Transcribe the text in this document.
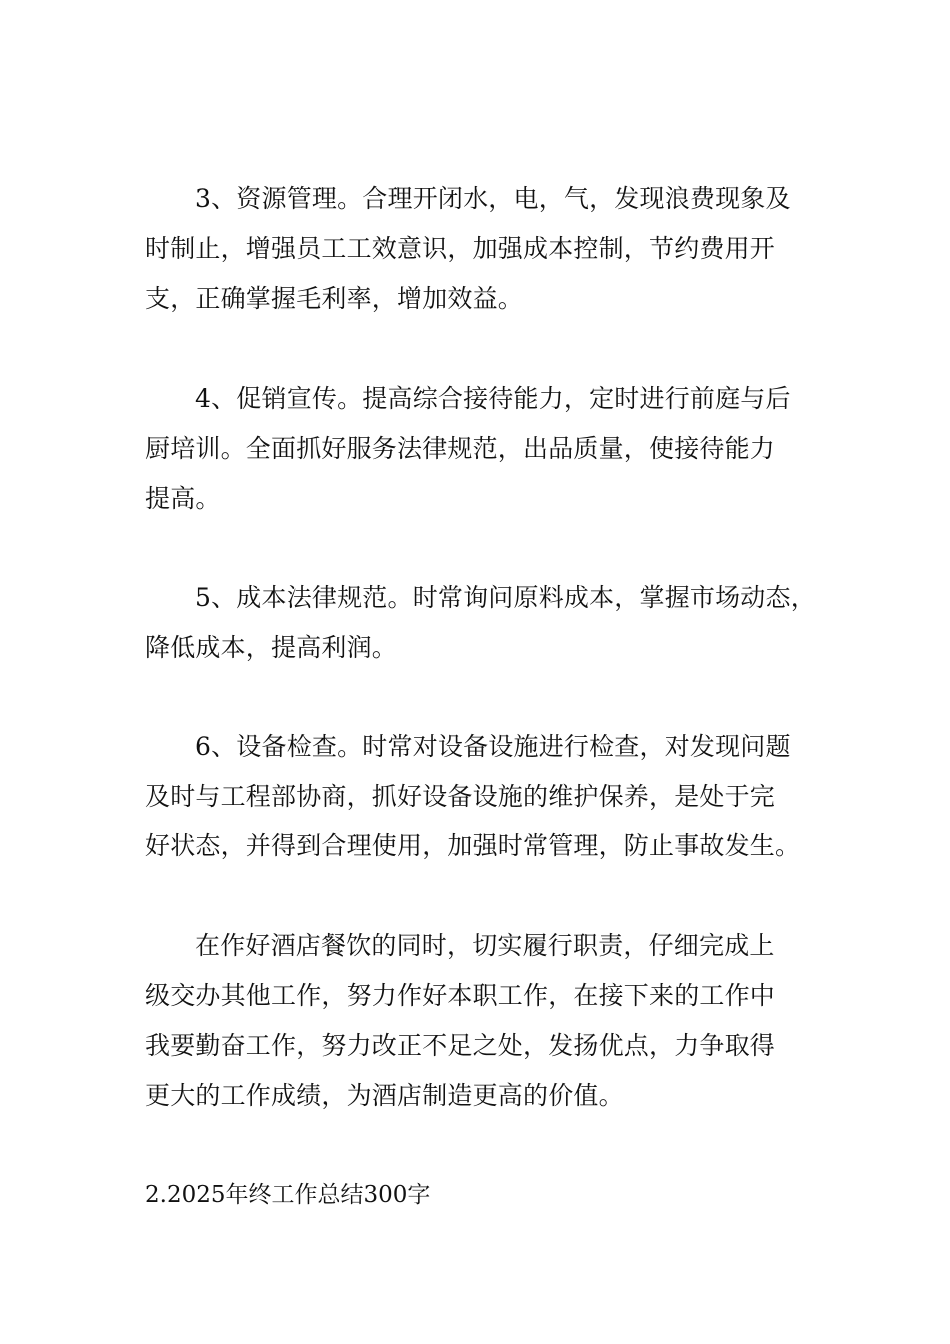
3、资源管理。合理开闭水，电，气，发现浪费现象及
时制止，增强员工工效意识，加强成本控制，节约费用开
支，正确掌握毛利率，增加效益。
4、促销宣传。提高综合接待能力，定时进行前庭与后
厨培训。全面抓好服务法律规范，出品质量，使接待能力
提高。
5、成本法律规范。时常询问原料成本，掌握市场动态，
降低成本，提高利润。
6、设备检查。时常对设备设施进行检查，对发现问题
及时与工程部协商，抓好设备设施的维护保养，是处于完
好状态，并得到合理使用，加强时常管理，防止事故发生。
在作好酒店餐饮的同时，切实履行职责，仔细完成上
级交办其他工作，努力作好本职工作，在接下来的工作中
我要勤奋工作，努力改正不足之处，发扬优点，力争取得
更大的工作成绩，为酒店制造更高的价值。
2.2025年终工作总结300字
